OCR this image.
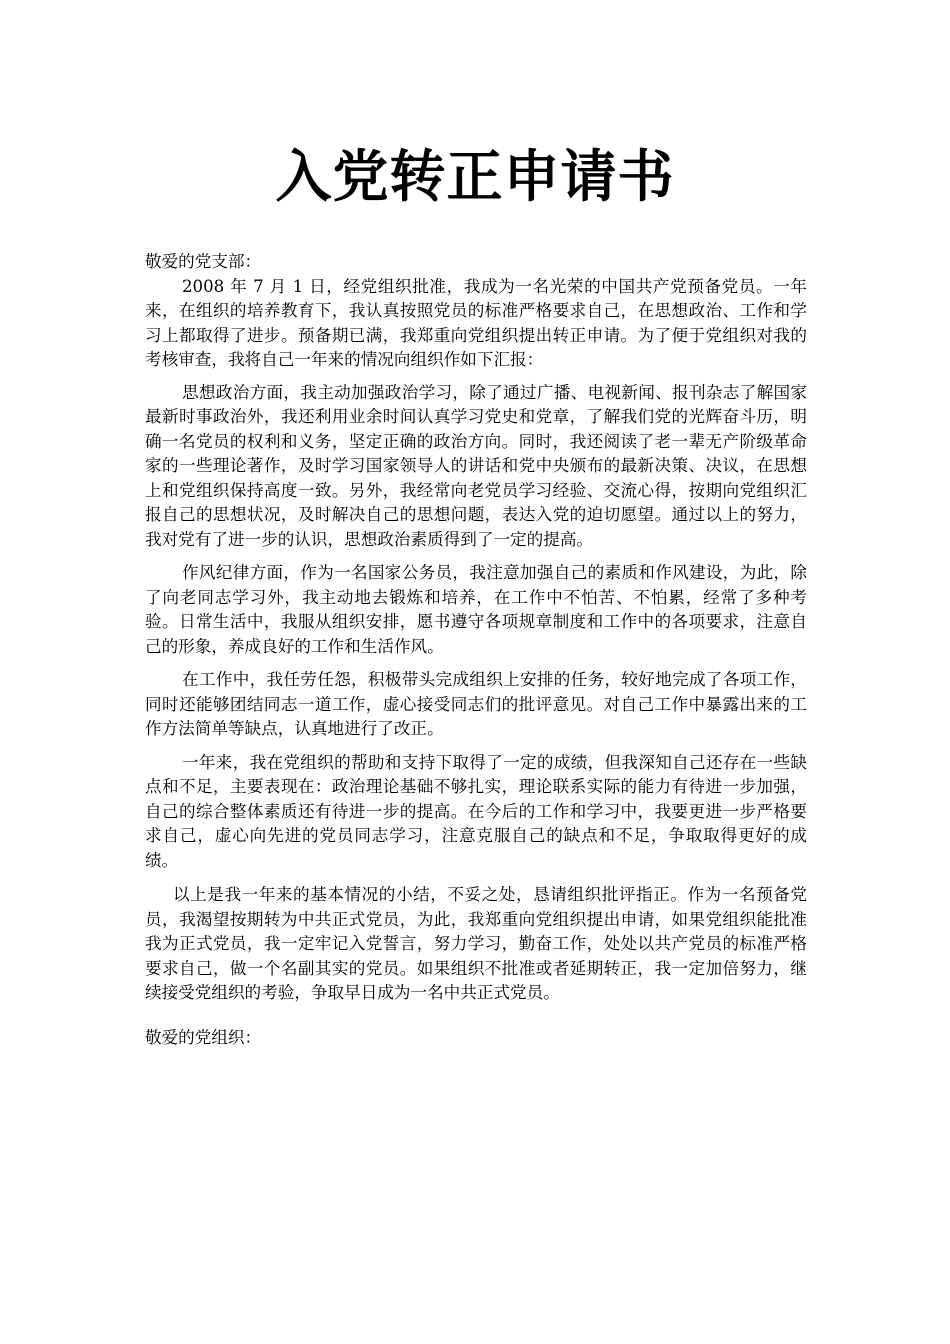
入党转正申请书

敬爱的党支部：

2008 年 7 月 1 日，经党组织批准，我成为一名光荣的中国共产党预备党员。一年来，在组织的培养教育下，我认真按照党员的标准严格要求自己，在思想政治、工作和学习上都取得了进步。预备期已满，我郑重向党组织提出转正申请。为了便于党组织对我的考核审查，我将自己一年来的情况向组织作如下汇报：

思想政治方面，我主动加强政治学习，除了通过广播、电视新闻、报刊杂志了解国家最新时事政治外，我还利用业余时间认真学习党史和党章，了解我们党的光辉奋斗历，明确一名党员的权利和义务，坚定正确的政治方向。同时，我还阅读了老一辈无产阶级革命家的一些理论著作，及时学习国家领导人的讲话和党中央颁布的最新决策、决议，在思想上和党组织保持高度一致。另外，我经常向老党员学习经验、交流心得，按期向党组织汇报自己的思想状况，及时解决自己的思想问题，表达入党的迫切愿望。通过以上的努力，我对党有了进一步的认识，思想政治素质得到了一定的提高。

作风纪律方面，作为一名国家公务员，我注意加强自己的素质和作风建设，为此，除了向老同志学习外，我主动地去锻炼和培养，在工作中不怕苦、不怕累，经常了多种考验。日常生活中，我服从组织安排，愿书遵守各项规章制度和工作中的各项要求，注意自己的形象，养成良好的工作和生活作风。

在工作中，我任劳任怨，积极带头完成组织上安排的任务，较好地完成了各项工作，同时还能够团结同志一道工作，虚心接受同志们的批评意见。对自己工作中暴露出来的工作方法简单等缺点，认真地进行了改正。

一年来，我在党组织的帮助和支持下取得了一定的成绩，但我深知自己还存在一些缺点和不足，主要表现在：政治理论基础不够扎实，理论联系实际的能力有待进一步加强，自己的综合整体素质还有待进一步的提高。在今后的工作和学习中，我要更进一步严格要求自己，虚心向先进的党员同志学习，注意克服自己的缺点和不足，争取取得更好的成绩。

以上是我一年来的基本情况的小结，不妥之处，恳请组织批评指正。作为一名预备党员，我渴望按期转为中共正式党员，为此，我郑重向党组织提出申请，如果党组织能批准我为正式党员，我一定牢记入党誓言，努力学习，勤奋工作，处处以共产党员的标准严格要求自己，做一个名副其实的党员。如果组织不批准或者延期转正，我一定加倍努力，继续接受党组织的考验，争取早日成为一名中共正式党员。

敬爱的党组织：
